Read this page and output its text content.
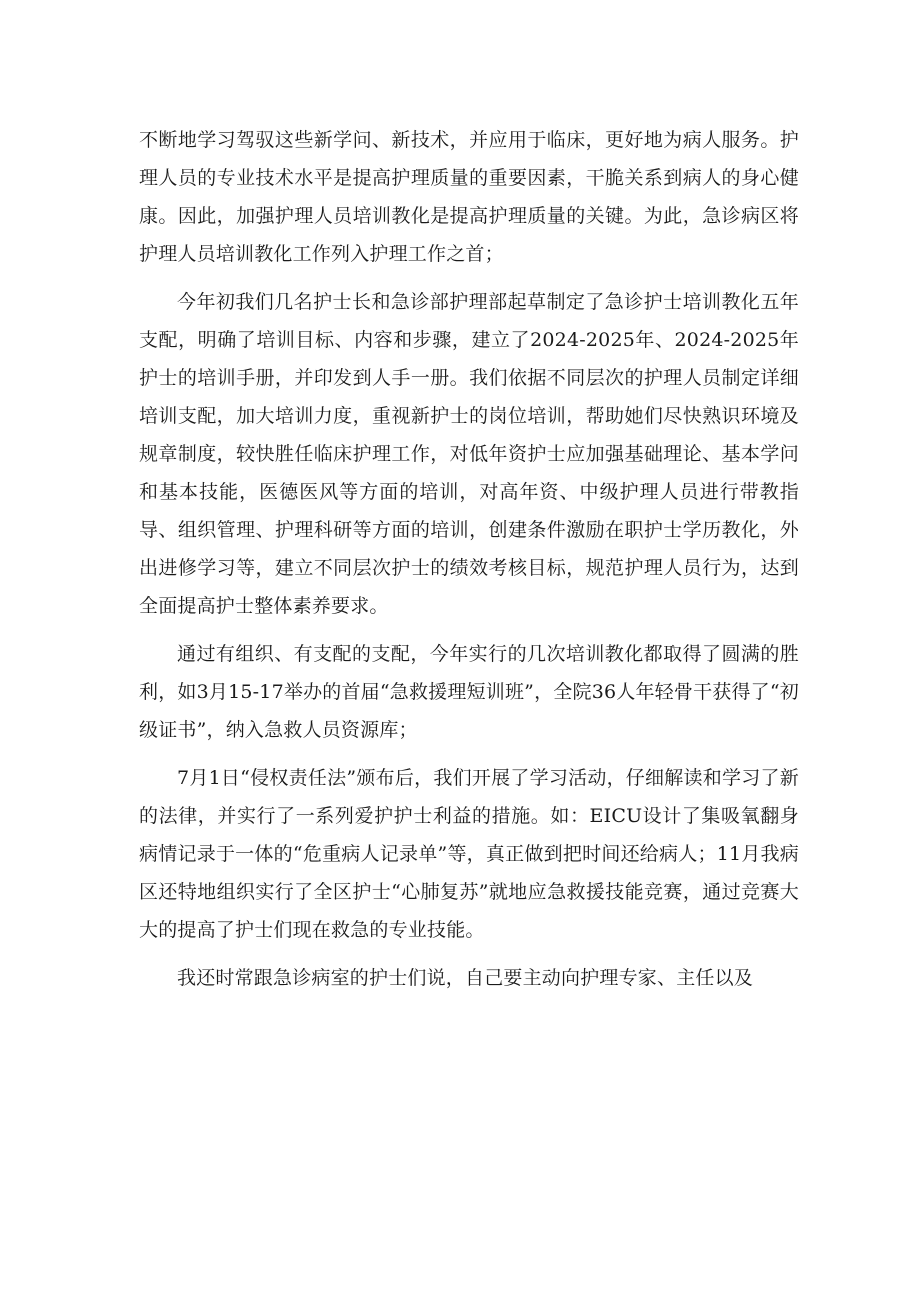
不断地学习驾驭这些新学问、新技术，并应用于临床，更好地为病人服务。护理人员的专业技术水平是提高护理质量的重要因素，干脆关系到病人的身心健康。因此，加强护理人员培训教化是提高护理质量的关键。为此，急诊病区将护理人员培训教化工作列入护理工作之首；

今年初我们几名护士长和急诊部护理部起草制定了急诊护士培训教化五年支配，明确了培训目标、内容和步骤，建立了2024-2025年、2024-2025年护士的培训手册，并印发到人手一册。我们依据不同层次的护理人员制定详细培训支配，加大培训力度，重视新护士的岗位培训，帮助她们尽快熟识环境及规章制度，较快胜任临床护理工作，对低年资护士应加强基础理论、基本学问和基本技能，医德医风等方面的培训，对高年资、中级护理人员进行带教指导、组织管理、护理科研等方面的培训，创建条件激励在职护士学历教化，外出进修学习等，建立不同层次护士的绩效考核目标，规范护理人员行为，达到全面提高护士整体素养要求。

通过有组织、有支配的支配，今年实行的几次培训教化都取得了圆满的胜利，如3月15-17举办的首届“急救援理短训班”，全院36人年轻骨干获得了“初级证书”，纳入急救人员资源库；

7月1日“侵权责任法”颁布后，我们开展了学习活动，仔细解读和学习了新的法律，并实行了一系列爱护护士利益的措施。如：EICU设计了集吸氧翻身病情记录于一体的“危重病人记录单”等，真正做到把时间还给病人；11月我病区还特地组织实行了全区护士“心肺复苏”就地应急救援技能竞赛，通过竞赛大大的提高了护士们现在救急的专业技能。

我还时常跟急诊病室的护士们说，自己要主动向护理专家、主任以及
